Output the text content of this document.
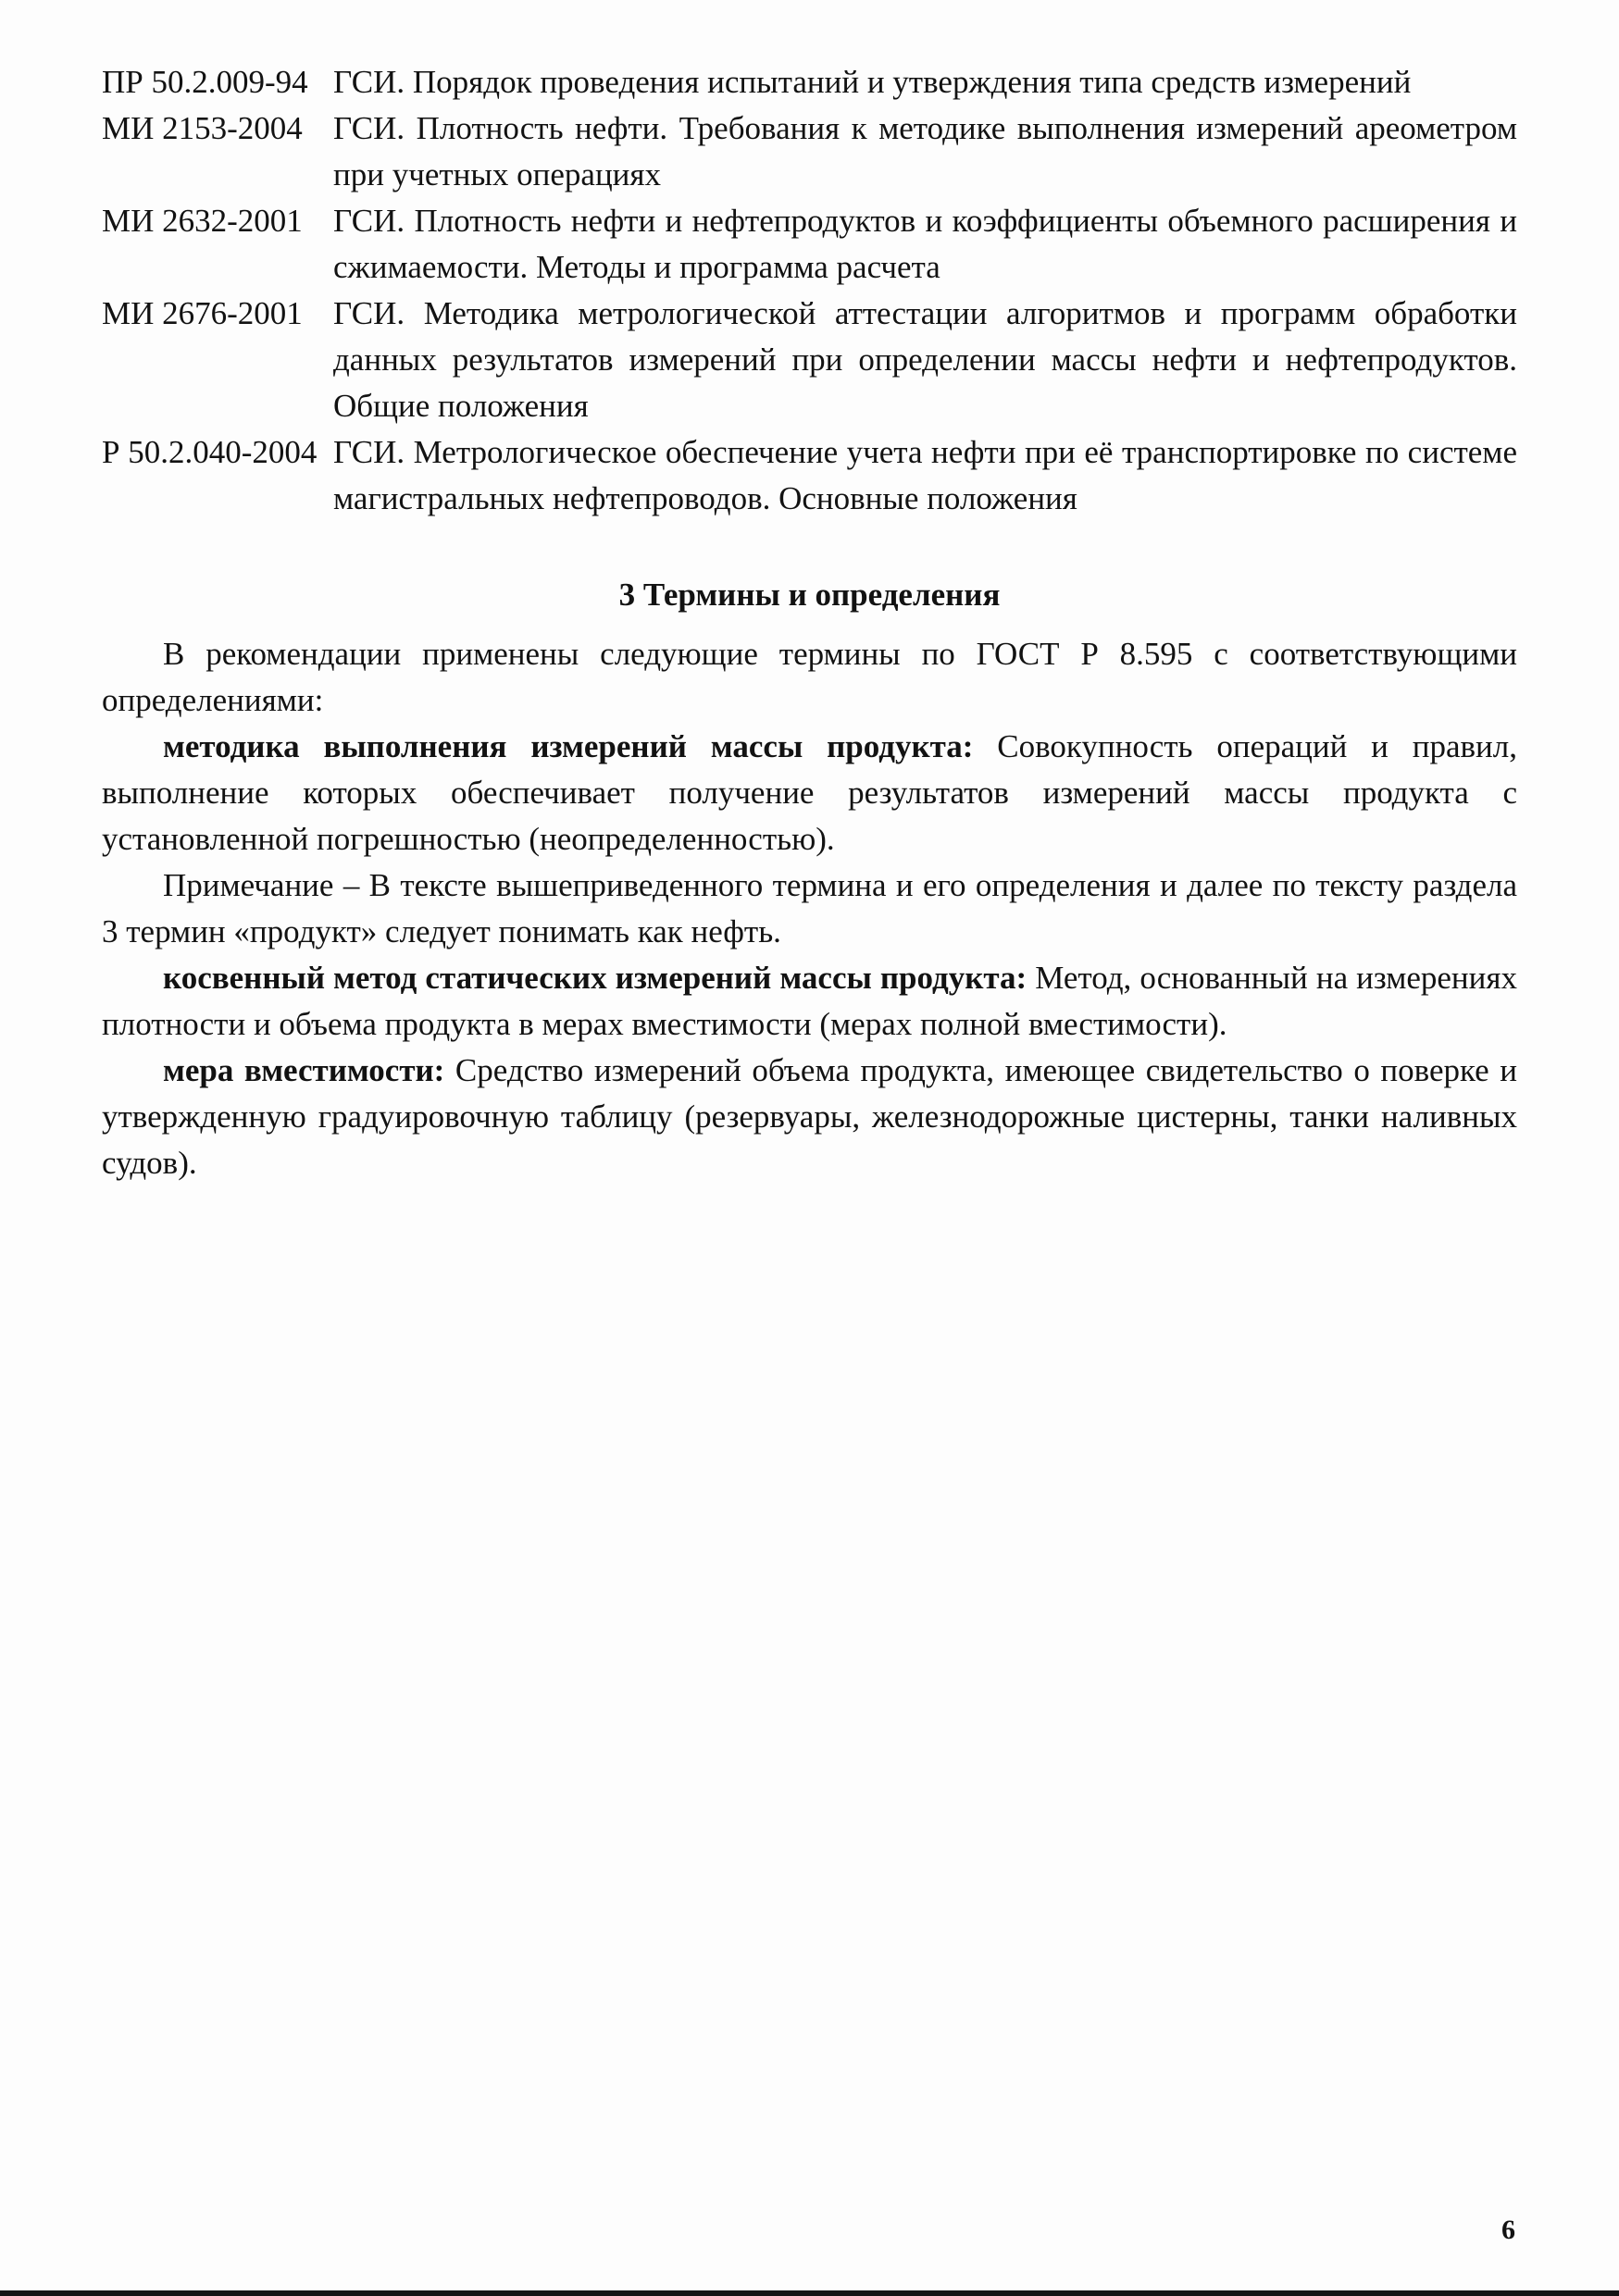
ПР 50.2.009-94 ГСИ. Порядок проведения испытаний и утверждения типа средств измерений
МИ 2153-2004 ГСИ. Плотность нефти. Требования к методике выполнения измерений ареометром при учетных операциях
МИ 2632-2001 ГСИ. Плотность нефти и нефтепродуктов и коэффициенты объемного расширения и сжимаемости. Методы и программа расчета
МИ 2676-2001 ГСИ. Методика метрологической аттестации алгоритмов и программ обработки данных результатов измерений при определении массы нефти и нефтепродуктов. Общие положения
Р 50.2.040-2004 ГСИ. Метрологическое обеспечение учета нефти при её транспортировке по системе магистральных нефтепроводов. Основные положения
3 Термины и определения

В рекомендации применены следующие термины по ГОСТ Р 8.595 с соответствующими определениями:

методика выполнения измерений массы продукта: Совокупность операций и правил, выполнение которых обеспечивает получение результатов измерений массы продукта с установленной погрешностью (неопределенностью).

Примечание – В тексте вышеприведенного термина и его определения и далее по тексту раздела 3 термин «продукт» следует понимать как нефть.

косвенный метод статических измерений массы продукта: Метод, основанный на измерениях плотности и объема продукта в мерах вместимости (мерах полной вместимости).

мера вместимости: Средство измерений объема продукта, имеющее свидетельство о поверке и утвержденную градуировочную таблицу (резервуары, железнодорожные цистерны, танки наливных судов).

6
